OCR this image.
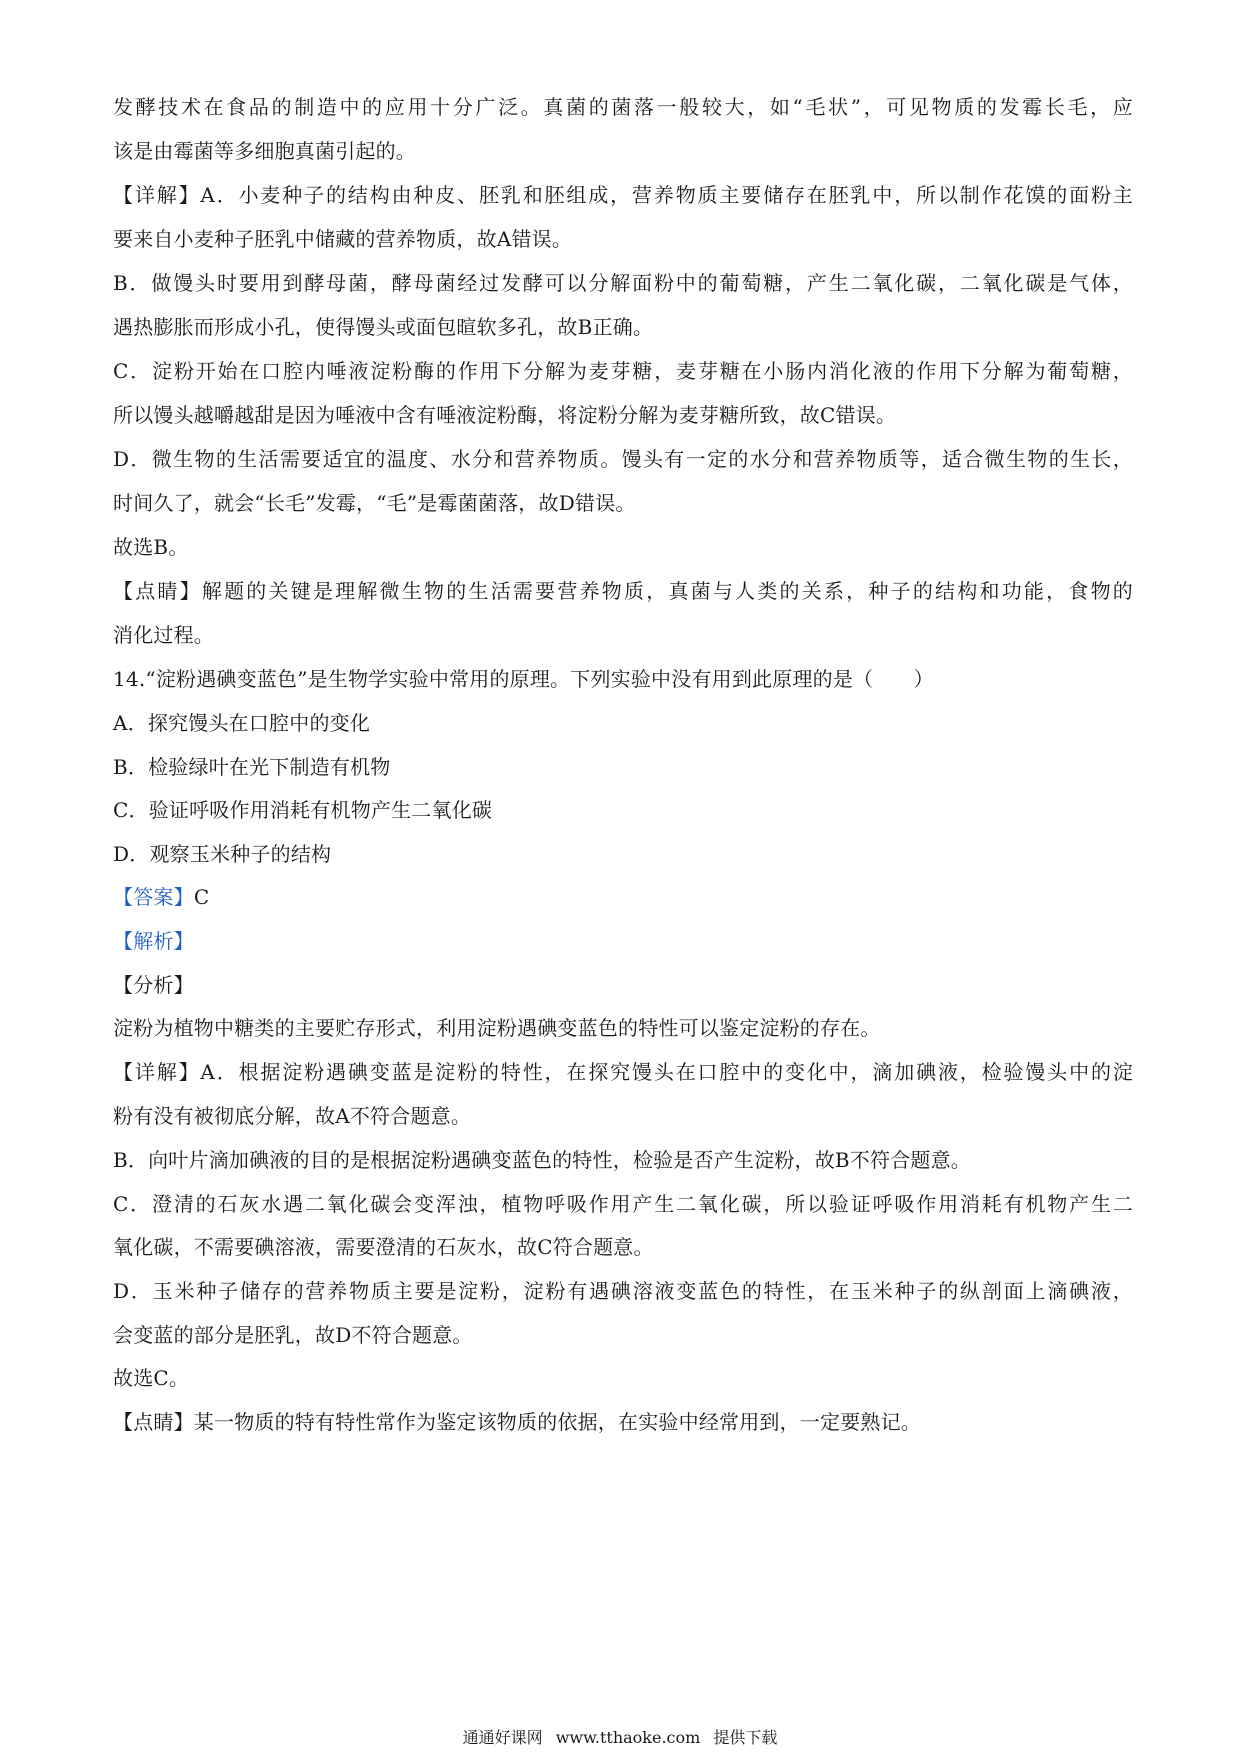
发酵技术在食品的制造中的应用十分广泛。真菌的菌落一般较大，如“毛状”，可见物质的发霉长毛，应
该是由霉菌等多细胞真菌引起的。
【详解】A．小麦种子的结构由种皮、胚乳和胚组成，营养物质主要储存在胚乳中，所以制作花馍的面粉主
要来自小麦种子胚乳中储藏的营养物质，故A错误。
B．做馒头时要用到酵母菌，酵母菌经过发酵可以分解面粉中的葡萄糖，产生二氧化碳，二氧化碳是气体，
遇热膨胀而形成小孔，使得馒头或面包暄软多孔，故B正确。
C．淀粉开始在口腔内唾液淀粉酶的作用下分解为麦芽糖，麦芽糖在小肠内消化液的作用下分解为葡萄糖，
所以馒头越嚼越甜是因为唾液中含有唾液淀粉酶，将淀粉分解为麦芽糖所致，故C错误。
D．微生物的生活需要适宜的温度、水分和营养物质。馒头有一定的水分和营养物质等，适合微生物的生长，
时间久了，就会“长毛”发霉，“毛”是霉菌菌落，故D错误。
故选B。
【点睛】解题的关键是理解微生物的生活需要营养物质，真菌与人类的关系，种子的结构和功能，食物的
消化过程。
14.“淀粉遇碘变蓝色”是生物学实验中常用的原理。下列实验中没有用到此原理的是（　　）
A．探究馒头在口腔中的变化
B．检验绿叶在光下制造有机物
C．验证呼吸作用消耗有机物产生二氧化碳
D．观察玉米种子的结构
【答案】C
【解析】
【分析】
淀粉为植物中糖类的主要贮存形式，利用淀粉遇碘变蓝色的特性可以鉴定淀粉的存在。
【详解】A．根据淀粉遇碘变蓝是淀粉的特性，在探究馒头在口腔中的变化中，滴加碘液，检验馒头中的淀
粉有没有被彻底分解，故A不符合题意。
B．向叶片滴加碘液的目的是根据淀粉遇碘变蓝色的特性，检验是否产生淀粉，故B不符合题意。
C．澄清的石灰水遇二氧化碳会变浑浊，植物呼吸作用产生二氧化碳，所以验证呼吸作用消耗有机物产生二
氧化碳，不需要碘溶液，需要澄清的石灰水，故C符合题意。
D．玉米种子储存的营养物质主要是淀粉，淀粉有遇碘溶液变蓝色的特性，在玉米种子的纵剖面上滴碘液，
会变蓝的部分是胚乳，故D不符合题意。
故选C。
【点睛】某一物质的特有特性常作为鉴定该物质的依据，在实验中经常用到，一定要熟记。
通通好课网 www.tthaoke.com 提供下载
